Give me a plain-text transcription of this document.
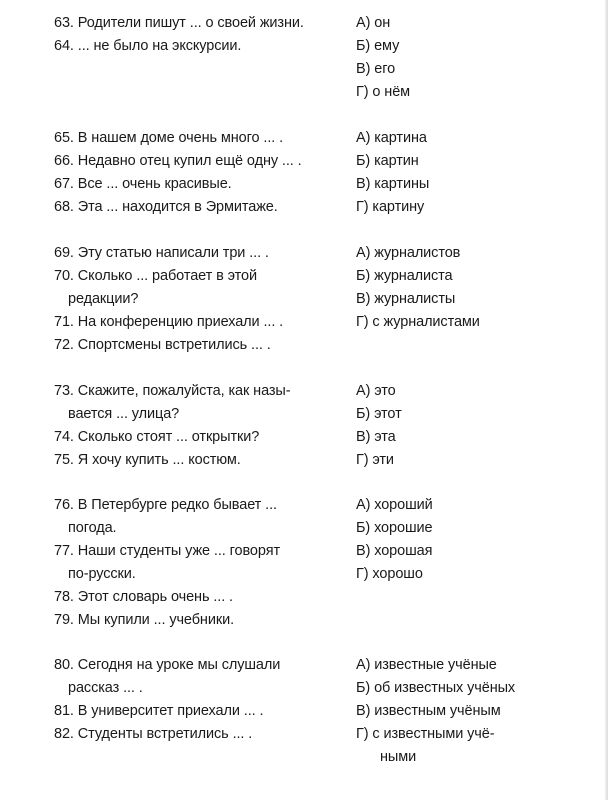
63. Родители пишут ... о своей жизни.
64. ... не было на экскурсии.
А) он
Б) ему
В) его
Г) о нём
65. В нашем доме очень много ... .
66. Недавно отец купил ещё одну ... .
67. Все ... очень красивые.
68. Эта ... находится в Эрмитаже.
А) картина
Б) картин
В) картины
Г) картину
69. Эту статью написали три ... .
70. Сколько ... работает в этой
редакции?
71. На конференцию приехали ... .
72. Спортсмены встретились ... .
А) журналистов
Б) журналиста
В) журналисты
Г) с журналистами
73. Скажите, пожалуйста, как назы-
вается ... улица?
74. Сколько стоят ... открытки?
75. Я хочу купить ... костюм.
А) это
Б) этот
В) эта
Г) эти
76. В Петербурге редко бывает ...
погода.
77. Наши студенты уже ... говорят
по-русски.
78. Этот словарь очень ... .
79. Мы купили ... учебники.
А) хороший
Б) хорошие
В) хорошая
Г) хорошо
80. Сегодня на уроке мы слушали
рассказ ... .
81. В университет приехали ... .
82. Студенты встретились ... .
А) известные учёные
Б) об известных учёных
В) известным учёным
Г) с известными учё-
ными
